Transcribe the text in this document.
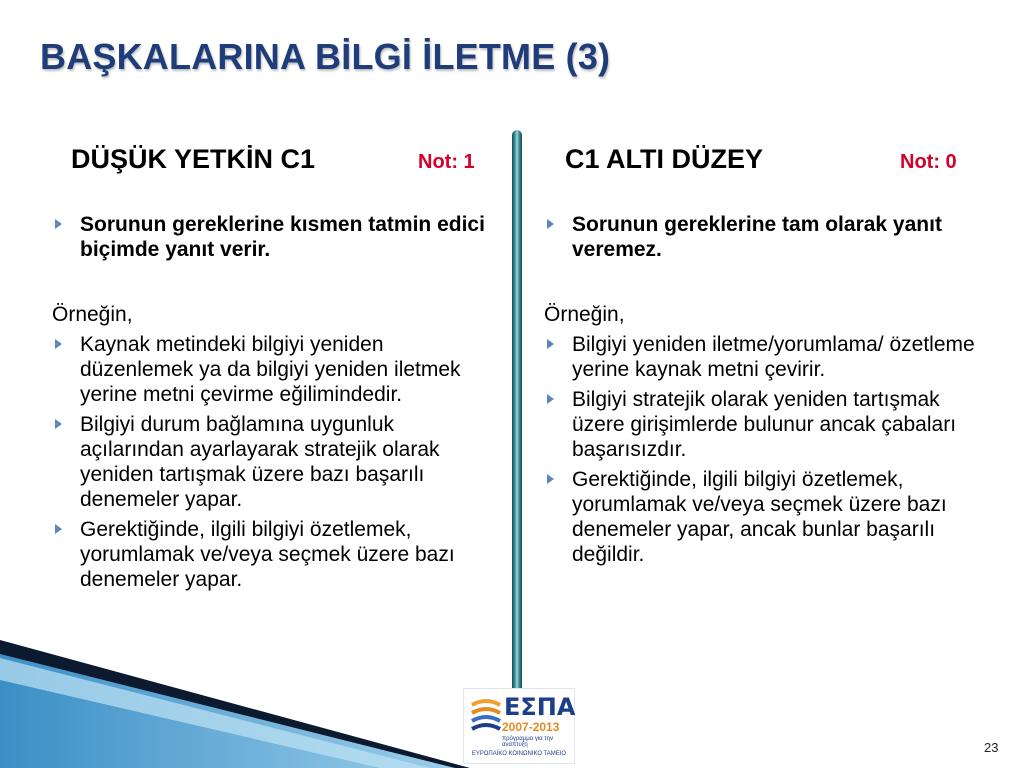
BAŞKALARINA BİLGİ İLETME (3)
DÜŞÜK YETKİN C1	Not: 1
Sorunun gereklerine kısmen tatmin edici biçimde yanıt verir.
Örneğin,
Kaynak metindeki bilgiyi yeniden düzenlemek ya da bilgiyi yeniden iletmek yerine metni çevirme eğilimindedir.
Bilgiyi durum bağlamına uygunluk açılarından ayarlayarak stratejik olarak yeniden tartışmak üzere bazı başarılı denemeler yapar.
Gerektiğinde, ilgili bilgiyi özetlemek, yorumlamak ve/veya seçmek üzere bazı denemeler yapar.
C1 ALTI DÜZEY	Not: 0
Sorunun gereklerine tam olarak yanıt veremez.
Örneğin,
Bilgiyi yeniden iletme/yorumlama/ özetleme yerine kaynak metni çevirir.
Bilgiyi stratejik olarak yeniden tartışmak üzere girişimlerde bulunur ancak çabaları başarısızdır.
Gerektiğinde, ilgili bilgiyi özetlemek, yorumlamak ve/veya seçmek üzere bazı denemeler yapar, ancak bunlar başarılı değildir.
ΕΣΠΑ
2007-2013
πρόγραμμα για την ανάπτυξη
ΕΥΡΩΠΑΪΚΟ ΚΟΙΝΩΝΙΚΟ ΤΑΜΕΙΟ	23
